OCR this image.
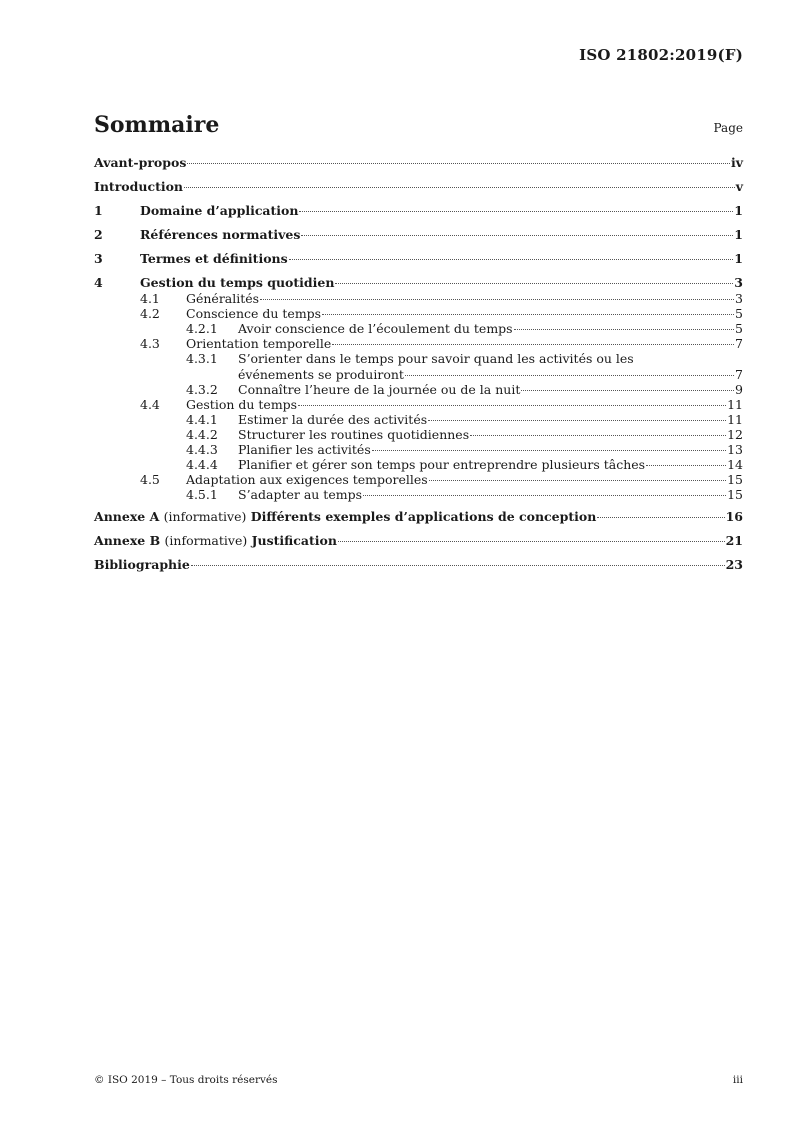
ISO 21802:2019(F)
Sommaire	Page
Avant-propos	iv
Introduction	v
1	Domaine d’application	1
2	Références normatives	1
3	Termes et définitions	1
4	Gestion du temps quotidien	3
4.1	Généralités	3
4.2	Conscience du temps	5
4.2.1	Avoir conscience de l’écoulement du temps	5
4.3	Orientation temporelle	7
4.3.1	S’orienter dans le temps pour savoir quand les activités ou les
événements se produiront	7
4.3.2	Connaître l’heure de la journée ou de la nuit	9
4.4	Gestion du temps	11
4.4.1	Estimer la durée des activités	11
4.4.2	Structurer les routines quotidiennes	12
4.4.3	Planifier les activités	13
4.4.4	Planifier et gérer son temps pour entreprendre plusieurs tâches	14
4.5	Adaptation aux exigences temporelles	15
4.5.1	S’adapter au temps	15
Annexe A (informative) Différents exemples d’applications de conception	16
Annexe B (informative) Justification	21
Bibliographie	23
© ISO 2019 – Tous droits réservés	iii
